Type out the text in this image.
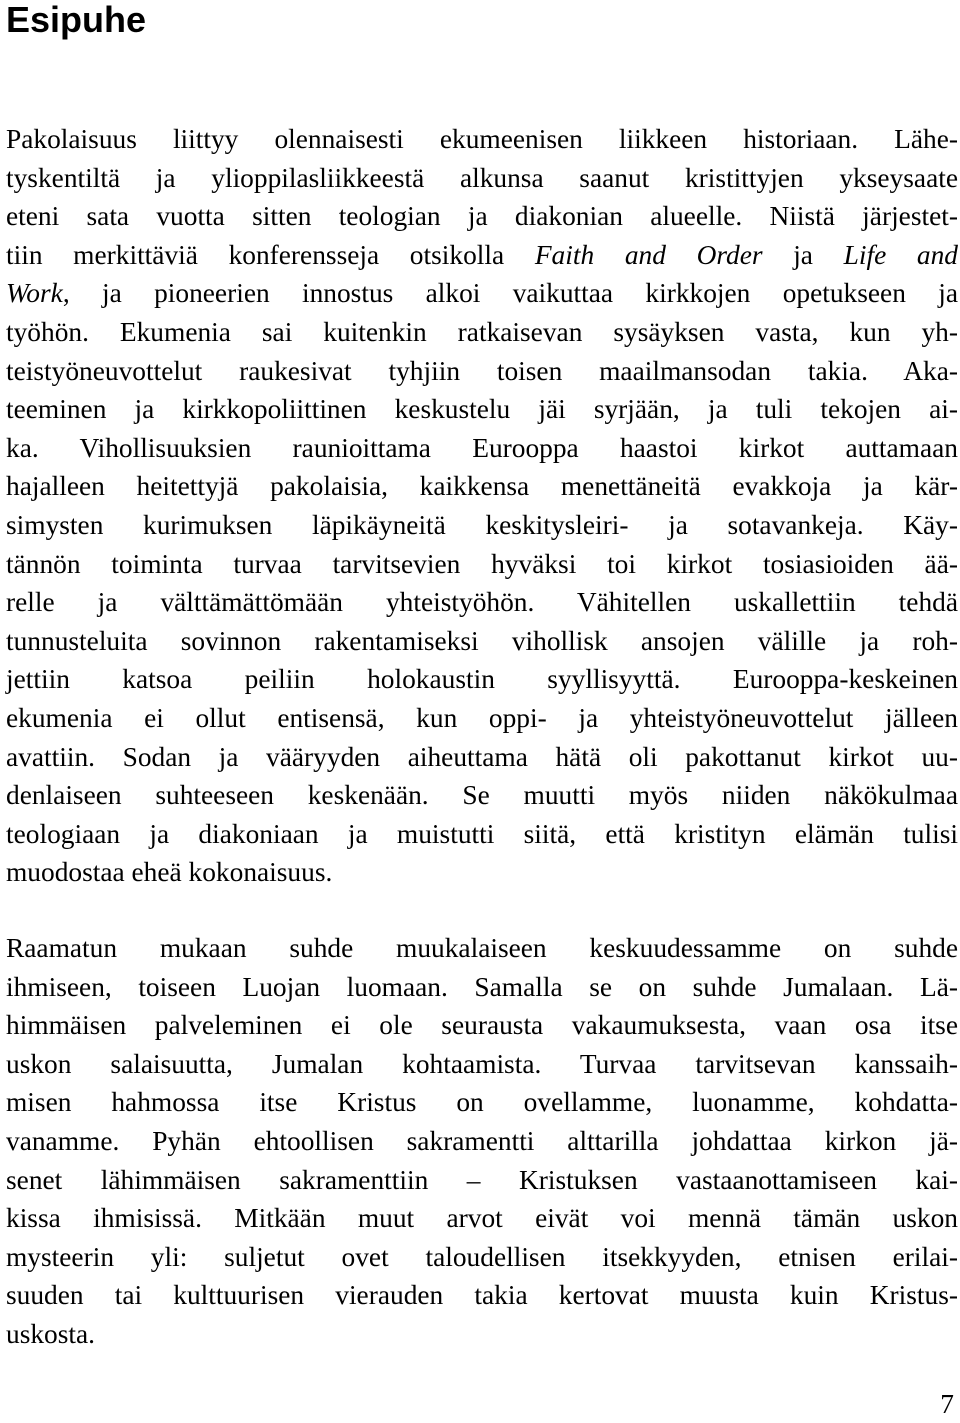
Esipuhe
Pakolaisuus liittyy olennaisesti ekumeenisen liikkeen historiaan. Lähe-
tyskentiltä ja ylioppilasliikkeestä alkunsa saanut kristittyjen ykseysaate
eteni sata vuotta sitten teologian ja diakonian alueelle. Niistä järjestet-
tiin merkittäviä konferensseja otsikolla Faith and Order ja Life and
Work, ja pioneerien innostus alkoi vaikuttaa kirkkojen opetukseen ja
työhön. Ekumenia sai kuitenkin ratkaisevan sysäyksen vasta, kun yh-
teistyöneuvottelut raukesivat tyhjiin toisen maailmansodan takia. Aka-
teeminen ja kirkkopoliittinen keskustelu jäi syrjään, ja tuli tekojen ai-
ka. Vihollisuuksien raunioittama Eurooppa haastoi kirkot auttamaan
hajalleen heitettyjä pakolaisia, kaikkensa menettäneitä evakkoja ja kär-
simysten kurimuksen läpikäyneitä keskitysleiri- ja sotavankeja. Käy-
tännön toiminta turvaa tarvitsevien hyväksi toi kirkot tosiasioiden ää-
relle ja välttämättömään yhteistyöhön. Vähitellen uskallettiin tehdä
tunnusteluita sovinnon rakentamiseksi vihollisk ansojen välille ja roh-
jettiin katsoa peiliin holokaustin syyllisyyttä. Eurooppa-keskeinen
ekumenia ei ollut entisensä, kun oppi- ja yhteistyöneuvottelut jälleen
avattiin. Sodan ja vääryyden aiheuttama hätä oli pakottanut kirkot uu-
denlaiseen suhteeseen keskenään. Se muutti myös niiden näkökulmaa
teologiaan ja diakoniaan ja muistutti siitä, että kristityn elämän tulisi
muodostaa eheä kokonaisuus.
Raamatun mukaan suhde muukalaiseen keskuudessamme on suhde
ihmiseen, toiseen Luojan luomaan. Samalla se on suhde Jumalaan. Lä-
himmäisen palveleminen ei ole seurausta vakaumuksesta, vaan osa itse
uskon salaisuutta, Jumalan kohtaamista. Turvaa tarvitsevan kanssaih-
misen hahmossa itse Kristus on ovellamme, luonamme, kohdatta-
vanamme. Pyhän ehtoollisen sakramentti alttarilla johdattaa kirkon jä-
senet lähimmäisen sakramenttiin – Kristuksen vastaanottamiseen kai-
kissa ihmisissä. Mitkään muut arvot eivät voi mennä tämän uskon
mysteerin yli: suljetut ovet taloudellisen itsekkyyden, etnisen erilai-
suuden tai kulttuurisen vierauden takia kertovat muusta kuin Kristus-
uskosta.
7
